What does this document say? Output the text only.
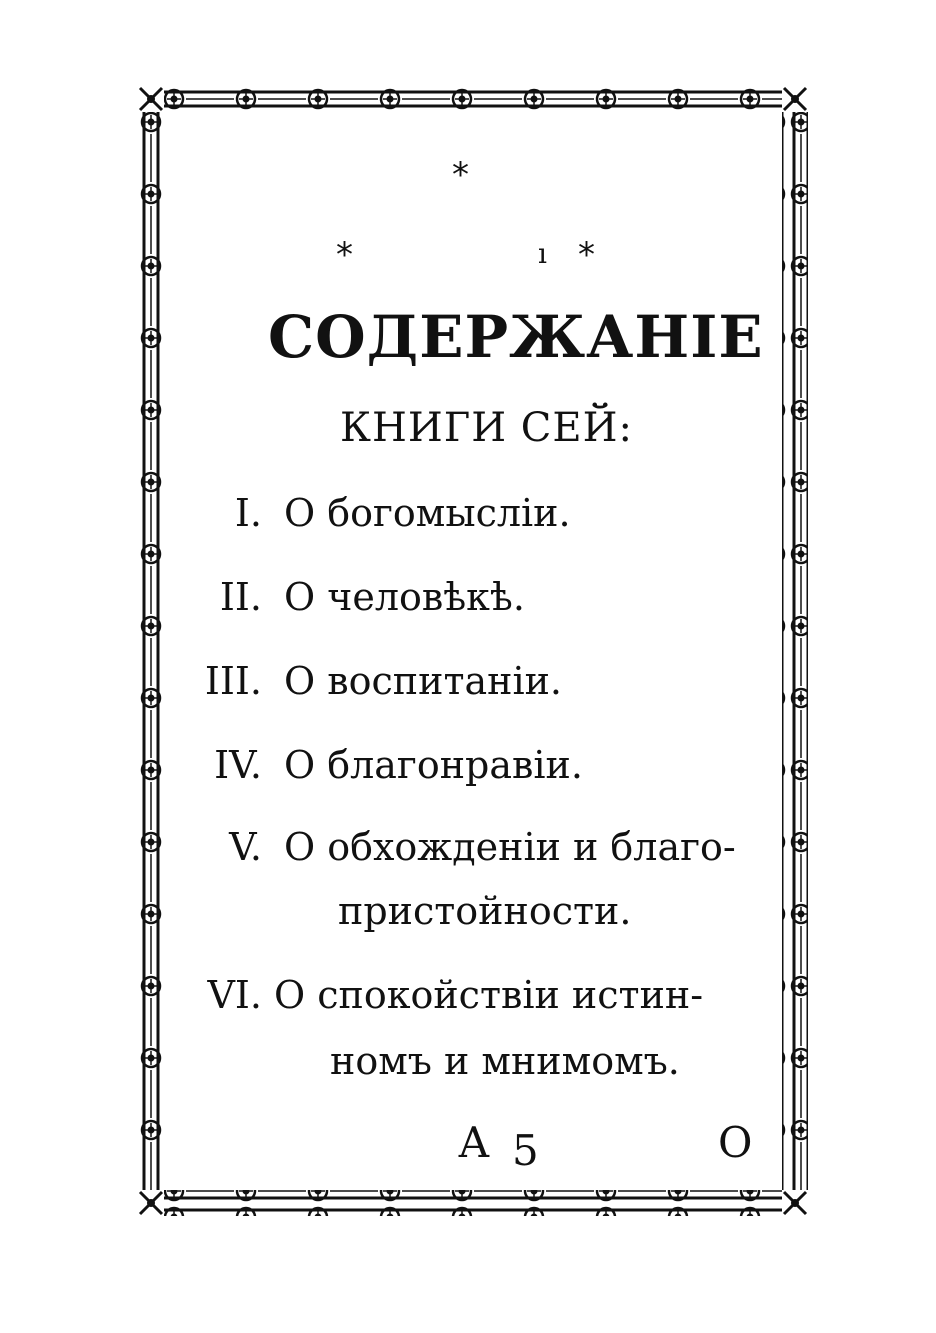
*
*	ı *
СОДЕРЖАНІЕ
КНИГИ СЕЙ:
I. О богомысліи.
II. О человѣкѣ.
III. О воспитаніи.
IV. О благонравіи.
V. О обхожденіи и благо-
пристойности.
VI. О спокойствіи истин-
номъ и мнимомъ.
А 5	О
